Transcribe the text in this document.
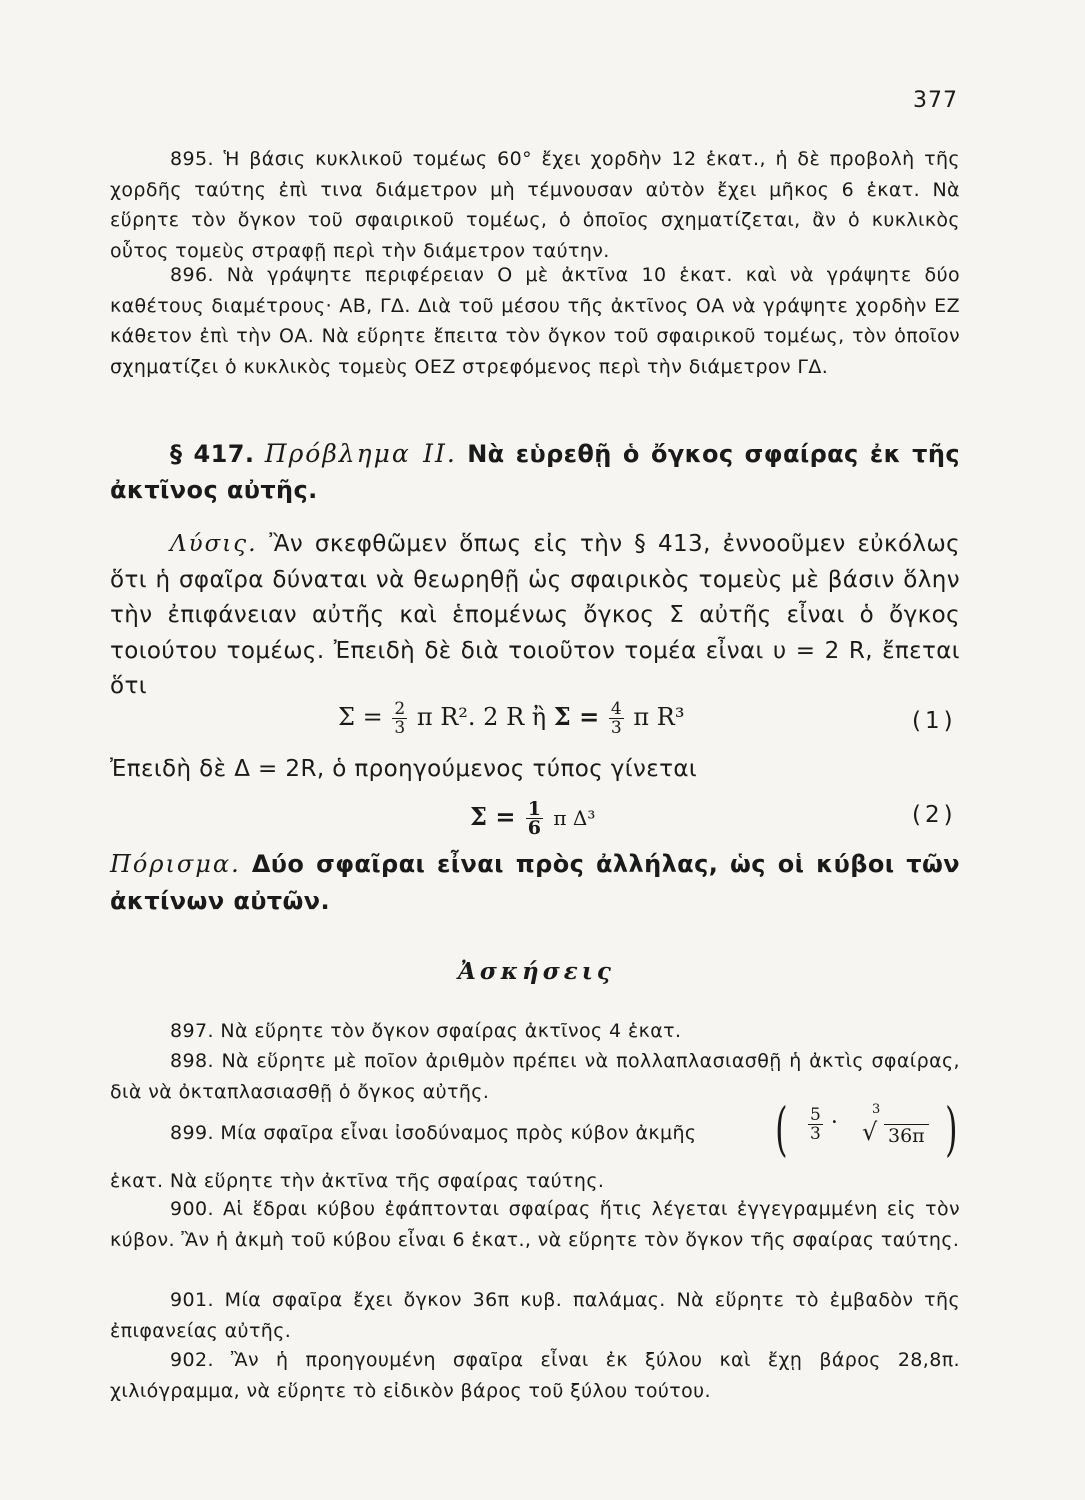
377

895. Ἡ βάσις κυκλικοῦ τομέως 60° ἔχει χορδὴν 12 ἑκατ., ἡ δὲ προβολὴ τῆς χορδῆς ταύτης ἐπὶ τινα διάμετρον μὴ τέμνουσαν αὐτὸν ἔχει μῆκος 6 ἑκατ. Νὰ εὕρητε τὸν ὄγκον τοῦ σφαιρικοῦ τομέως, ὁ ὁποῖος σχηματίζεται, ἂν ὁ κυκλικὸς οὗτος τομεὺς στραφῇ περὶ τὴν διάμετρον ταύτην.

896. Νὰ γράψητε περιφέρειαν Ο μὲ ἀκτῖνα 10 ἑκατ. καὶ νὰ γράψητε δύο καθέτους διαμέτρους· ΑΒ, ΓΔ. Διὰ τοῦ μέσου τῆς ἀκτῖνος ΟΑ νὰ γράψητε χορδὴν ΕΖ κάθετον ἐπὶ τὴν ΟΑ. Νὰ εὕρητε ἔπειτα τὸν ὄγκον τοῦ σφαιρικοῦ τομέως, τὸν ὁποῖον σχηματίζει ὁ κυκλικὸς τομεὺς ΟΕΖ στρεφόμενος περὶ τὴν διάμετρον ΓΔ.

§ 417. Πρόβλημα ΙΙ. Νὰ εὑρεθῇ ὁ ὄγκος σφαίρας ἐκ τῆς ἀκτῖνος αὐτῆς.

Λύσις. Ἂν σκεφθῶμεν ὅπως εἰς τὴν § 413, ἐννοοῦμεν εὐκόλως ὅτι ἡ σφαῖρα δύναται νὰ θεωρηθῇ ὡς σφαιρικὸς τομεὺς μὲ βάσιν ὅλην τὴν ἐπιφάνειαν αὐτῆς καὶ ἑπομένως ὄγκος Σ αὐτῆς εἶναι ὁ ὄγκος τοιούτου τομέως. Ἐπειδὴ δὲ διὰ τοιοῦτον τομέα εἶναι υ = 2 R, ἔπεται ὅτι

$\Sigma = \frac{2}{3}$ π R². 2 R ἢ $\Sigma = \frac{4}{3}$ π R³	(1)

Ἐπειδὴ δὲ Δ = 2R, ὁ προηγούμενος τύπος γίνεται

$\Sigma = \frac{1}{6}$ π Δ³	(2)

Πόρισμα. Δύο σφαῖραι εἶναι πρὸς ἀλλήλας, ὡς οἱ κύβοι τῶν ἀκτίνων αὐτῶν.

Ἀσκήσεις

897. Νὰ εὕρητε τὸν ὄγκον σφαίρας ἀκτῖνος 4 ἑκατ.

898. Νὰ εὕρητε μὲ ποῖον ἀριθμὸν πρέπει νὰ πολλαπλασιασθῇ ἡ ἀκτὶς σφαίρας, διὰ νὰ ὀκταπλασιασθῇ ὁ ὄγκος αὐτῆς.

899. Μία σφαῖρα εἶναι ἰσοδύναμος πρὸς κύβον ἀκμῆς	( $\frac{5}{3}$ ·
3
√ 36π )

ἑκατ. Νὰ εὕρητε τὴν ἀκτῖνα τῆς σφαίρας ταύτης.

900. Αἱ ἕδραι κύβου ἐφάπτονται σφαίρας ἥτις λέγεται ἐγγεγραμμένη εἰς τὸν κύβον. Ἂν ἡ ἀκμὴ τοῦ κύβου εἶναι 6 ἑκατ., νὰ εὕρητε τὸν ὄγκον τῆς σφαίρας ταύτης.

901. Μία σφαῖρα ἔχει ὄγκον 36π κυβ. παλάμας. Νὰ εὕρητε τὸ ἐμβαδὸν τῆς ἐπιφανείας αὐτῆς.

902. Ἂν ἡ προηγουμένη σφαῖρα εἶναι ἐκ ξύλου καὶ ἔχῃ βάρος 28,8π. χιλιόγραμμα, νὰ εὕρητε τὸ εἰδικὸν βάρος τοῦ ξύλου τούτου.
